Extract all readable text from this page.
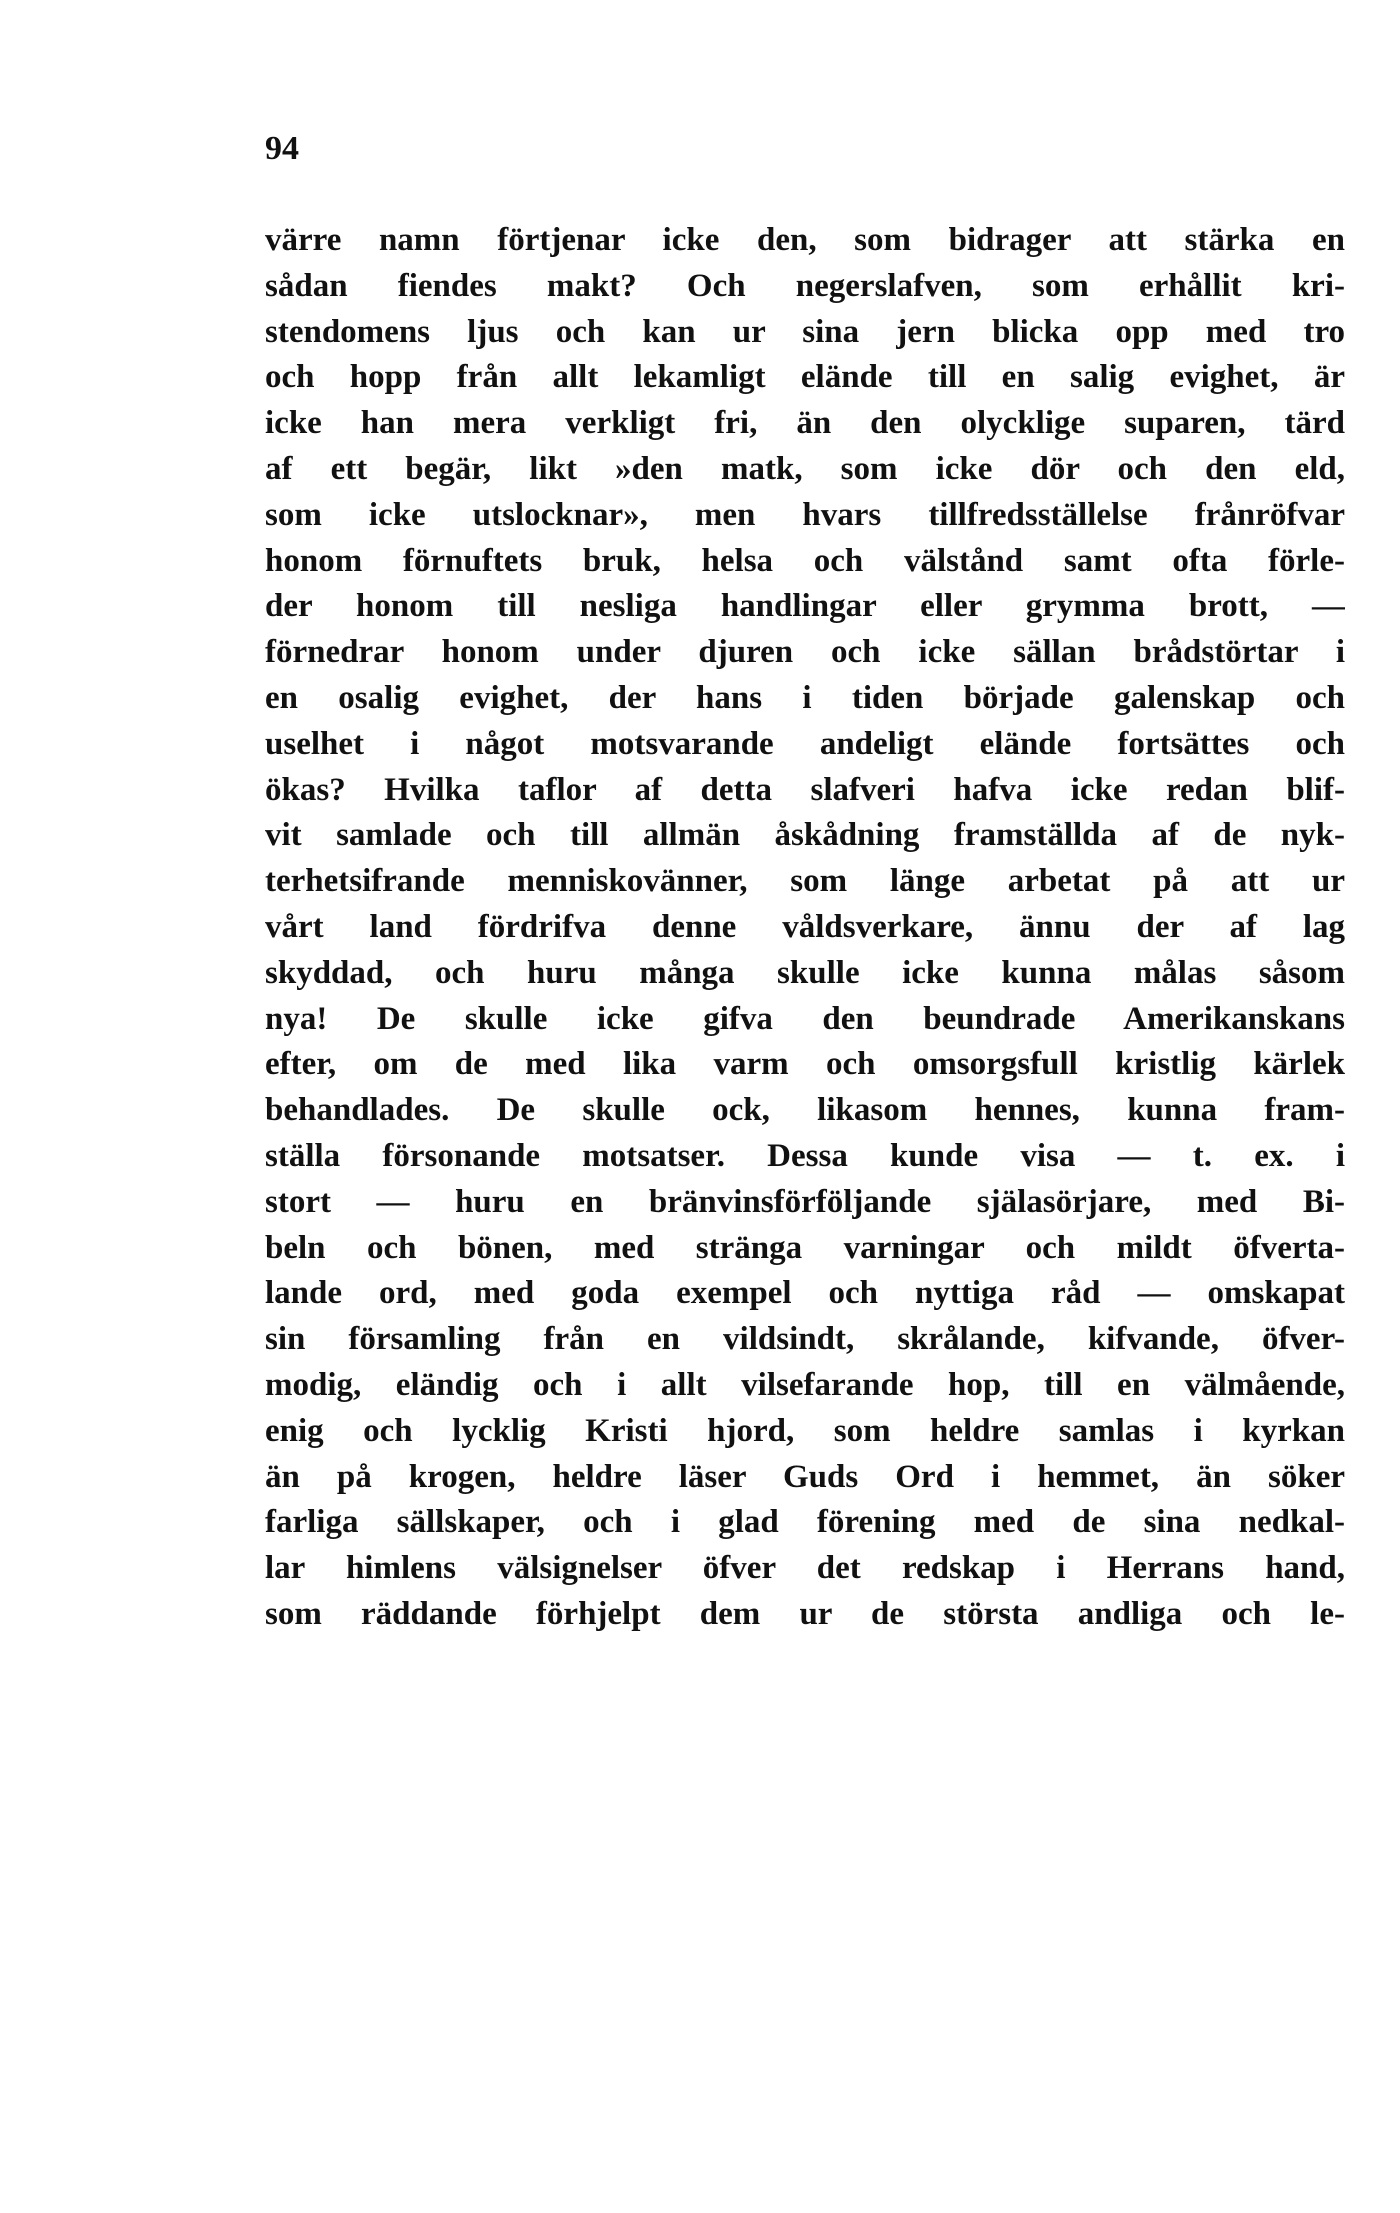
94
värre namn förtjenar icke den, som bidrager att stärka en
sådan fiendes makt? Och negerslafven, som erhållit kri-
stendomens ljus och kan ur sina jern blicka opp med tro
och hopp från allt lekamligt elände till en salig evighet, är
icke han mera verkligt fri, än den olycklige suparen, tärd
af ett begär, likt »den matk, som icke dör och den eld,
som icke utslocknar», men hvars tillfredsställelse frånröfvar
honom förnuftets bruk, helsa och välstånd samt ofta förle-
der honom till nesliga handlingar eller grymma brott, —
förnedrar honom under djuren och icke sällan brådstörtar i
en osalig evighet, der hans i tiden började galenskap och
uselhet i något motsvarande andeligt elände fortsättes och
ökas? Hvilka taflor af detta slafveri hafva icke redan blif-
vit samlade och till allmän åskådning framställda af de nyk-
terhetsifrande menniskovänner, som länge arbetat på att ur
vårt land fördrifva denne våldsverkare, ännu der af lag
skyddad, och huru många skulle icke kunna målas såsom
nya! De skulle icke gifva den beundrade Amerikanskans
efter, om de med lika varm och omsorgsfull kristlig kärlek
behandlades. De skulle ock, likasom hennes, kunna fram-
ställa försonande motsatser. Dessa kunde visa — t. ex. i
stort — huru en bränvinsförföljande själasörjare, med Bi-
beln och bönen, med stränga varningar och mildt öfverta-
lande ord, med goda exempel och nyttiga råd — omskapat
sin församling från en vildsindt, skrålande, kifvande, öfver-
modig, eländig och i allt vilsefarande hop, till en välmående,
enig och lycklig Kristi hjord, som heldre samlas i kyrkan
än på krogen, heldre läser Guds Ord i hemmet, än söker
farliga sällskaper, och i glad förening med de sina nedkal-
lar himlens välsignelser öfver det redskap i Herrans hand,
som räddande förhjelpt dem ur de största andliga och le-
